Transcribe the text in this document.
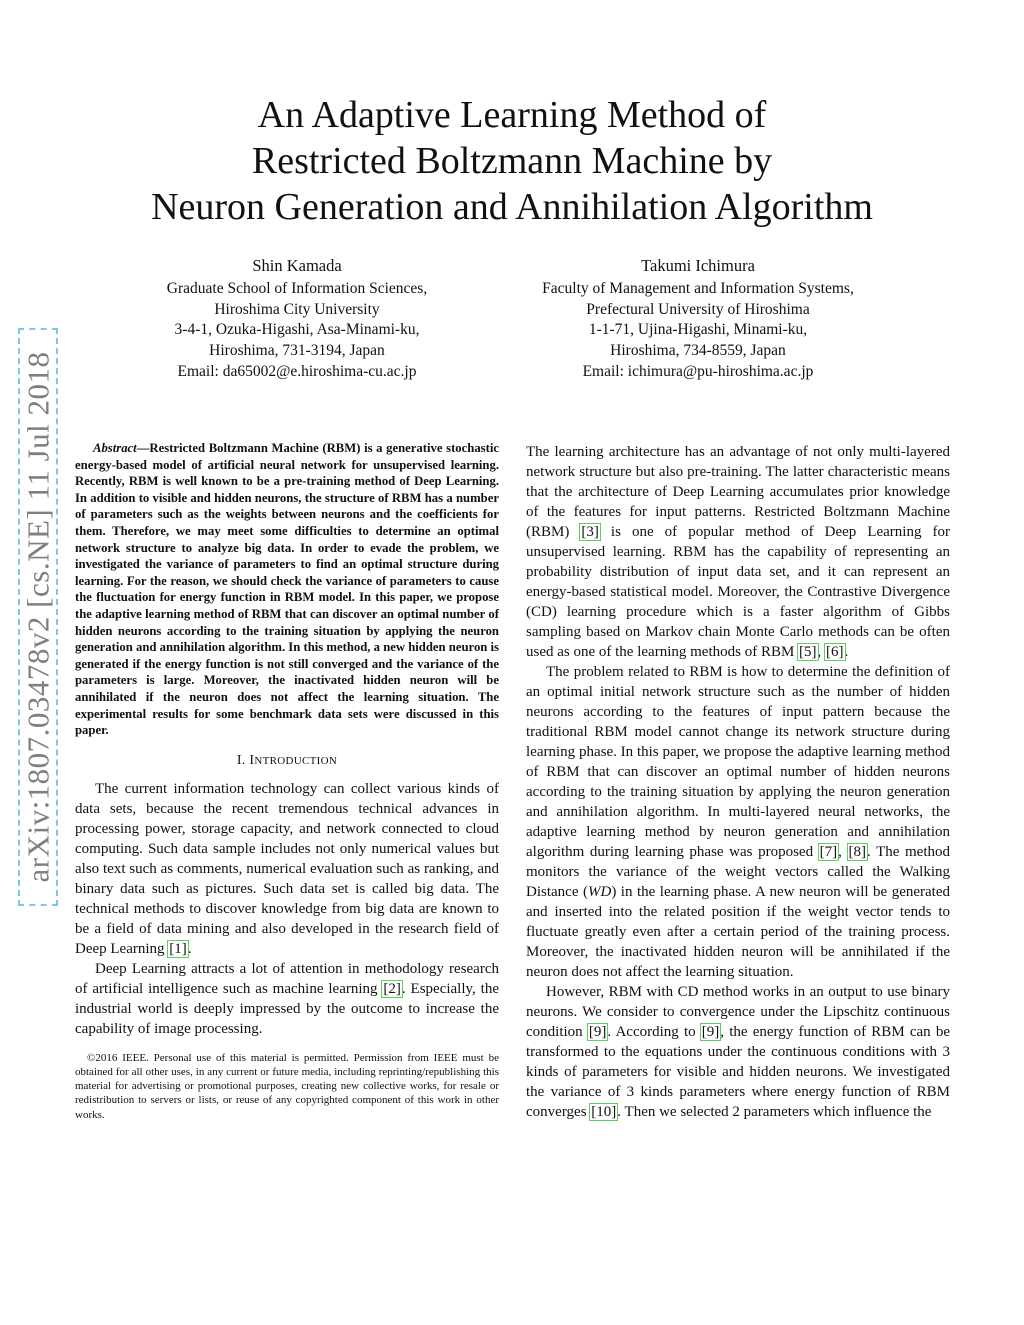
arXiv:1807.03478v2 [cs.NE] 11 Jul 2018
An Adaptive Learning Method of
Restricted Boltzmann Machine by
Neuron Generation and Annihilation Algorithm
Shin Kamada
Graduate School of Information Sciences,
Hiroshima City University
3-4-1, Ozuka-Higashi, Asa-Minami-ku,
Hiroshima, 731-3194, Japan
Email: da65002@e.hiroshima-cu.ac.jp
Takumi Ichimura
Faculty of Management and Information Systems,
Prefectural University of Hiroshima
1-1-71, Ujina-Higashi, Minami-ku,
Hiroshima, 734-8559, Japan
Email: ichimura@pu-hiroshima.ac.jp

Abstract—Restricted Boltzmann Machine (RBM) is a generative stochastic energy-based model of artificial neural network for unsupervised learning. Recently, RBM is well known to be a pre-training method of Deep Learning. In addition to visible and hidden neurons, the structure of RBM has a number of parameters such as the weights between neurons and the coefficients for them. Therefore, we may meet some difficulties to determine an optimal network structure to analyze big data. In order to evade the problem, we investigated the variance of parameters to find an optimal structure during learning. For the reason, we should check the variance of parameters to cause the fluctuation for energy function in RBM model. In this paper, we propose the adaptive learning method of RBM that can discover an optimal number of hidden neurons according to the training situation by applying the neuron generation and annihilation algorithm. In this method, a new hidden neuron is generated if the energy function is not still converged and the variance of the parameters is large. Moreover, the inactivated hidden neuron will be annihilated if the neuron does not affect the learning situation. The experimental results for some benchmark data sets were discussed in this paper.

I. INTRODUCTION

The current information technology can collect various kinds of data sets, because the recent tremendous technical advances in processing power, storage capacity, and network connected to cloud computing. Such data sample includes not only numerical values but also text such as comments, numerical evaluation such as ranking, and binary data such as pictures. Such data set is called big data. The technical methods to discover knowledge from big data are known to be a field of data mining and also developed in the research field of Deep Learning [1].

Deep Learning attracts a lot of attention in methodology research of artificial intelligence such as machine learning [2]. Especially, the industrial world is deeply impressed by the outcome to increase the capability of image processing.

©2016 IEEE. Personal use of this material is permitted. Permission from IEEE must be obtained for all other uses, in any current or future media, including reprinting/republishing this material for advertising or promotional purposes, creating new collective works, for resale or redistribution to servers or lists, or reuse of any copyrighted component of this work in other works.

The learning architecture has an advantage of not only multi-layered network structure but also pre-training. The latter characteristic means that the architecture of Deep Learning accumulates prior knowledge of the features for input patterns. Restricted Boltzmann Machine (RBM) [3] is one of popular method of Deep Learning for unsupervised learning. RBM has the capability of representing an probability distribution of input data set, and it can represent an energy-based statistical model. Moreover, the Contrastive Divergence (CD) learning procedure which is a faster algorithm of Gibbs sampling based on Markov chain Monte Carlo methods can be often used as one of the learning methods of RBM [5], [6].

The problem related to RBM is how to determine the definition of an optimal initial network structure such as the number of hidden neurons according to the features of input pattern because the traditional RBM model cannot change its network structure during learning phase. In this paper, we propose the adaptive learning method of RBM that can discover an optimal number of hidden neurons according to the training situation by applying the neuron generation and annihilation algorithm. In multi-layered neural networks, the adaptive learning method by neuron generation and annihilation algorithm during learning phase was proposed [7], [8]. The method monitors the variance of the weight vectors called the Walking Distance (WD) in the learning phase. A new neuron will be generated and inserted into the related position if the weight vector tends to fluctuate greatly even after a certain period of the training process. Moreover, the inactivated hidden neuron will be annihilated if the neuron does not affect the learning situation.

However, RBM with CD method works in an output to use binary neurons. We consider to convergence under the Lipschitz continuous condition [9]. According to [9], the energy function of RBM can be transformed to the equations under the continuous conditions with 3 kinds of parameters for visible and hidden neurons. We investigated the variance of 3 kinds parameters where energy function of RBM converges [10]. Then we selected 2 parameters which influence the
